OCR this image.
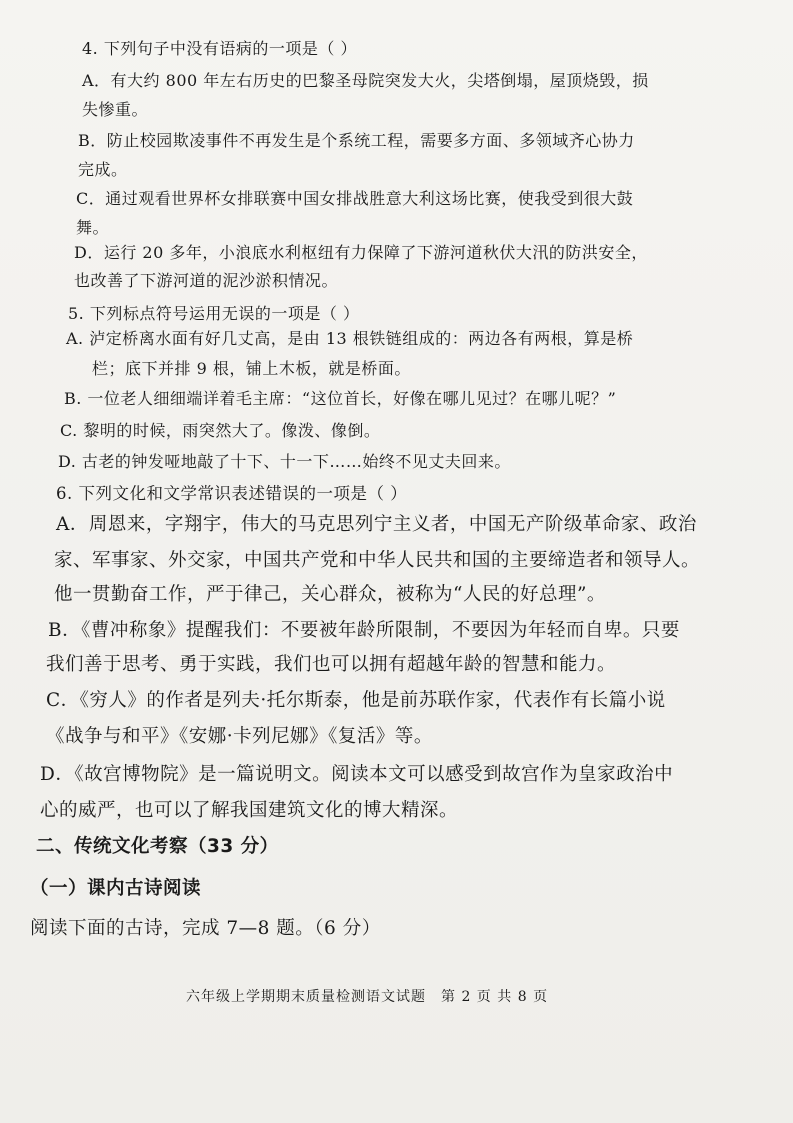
4. 下列句子中没有语病的一项是（ ）
A．有大约 800 年左右历史的巴黎圣母院突发大火，尖塔倒塌，屋顶烧毁，损
失惨重。
B．防止校园欺凌事件不再发生是个系统工程，需要多方面、多领域齐心协力
完成。
C．通过观看世界杯女排联赛中国女排战胜意大利这场比赛，使我受到很大鼓
舞。
D．运行 20 多年，小浪底水利枢纽有力保障了下游河道秋伏大汛的防洪安全，
也改善了下游河道的泥沙淤积情况。
5. 下列标点符号运用无误的一项是（ ）
A. 泸定桥离水面有好几丈高，是由 13 根铁链组成的：两边各有两根，算是桥
栏；底下并排 9 根，铺上木板，就是桥面。
B. 一位老人细细端详着毛主席：“这位首长，好像在哪儿见过？在哪儿呢？”
C. 黎明的时候，雨突然大了。像泼、像倒。
D. 古老的钟发哑地敲了十下、十一下……始终不见丈夫回来。
6. 下列文化和文学常识表述错误的一项是（ ）
A．周恩来，字翔宇，伟大的马克思列宁主义者，中国无产阶级革命家、政治
家、军事家、外交家，中国共产党和中华人民共和国的主要缔造者和领导人。
他一贯勤奋工作，严于律己，关心群众，被称为“人民的好总理”。
B．《曹冲称象》提醒我们：不要被年龄所限制，不要因为年轻而自卑。只要
我们善于思考、勇于实践，我们也可以拥有超越年龄的智慧和能力。
C．《穷人》的作者是列夫·托尔斯泰，他是前苏联作家，代表作有长篇小说
《战争与和平》《安娜·卡列尼娜》《复活》等。
D．《故宫博物院》是一篇说明文。阅读本文可以感受到故宫作为皇家政治中
心的威严，也可以了解我国建筑文化的博大精深。
二、传统文化考察（33 分）
（一）课内古诗阅读
阅读下面的古诗，完成 7—8 题。（6 分）
六年级上学期期末质量检测语文试题　第 2 页 共 8 页
